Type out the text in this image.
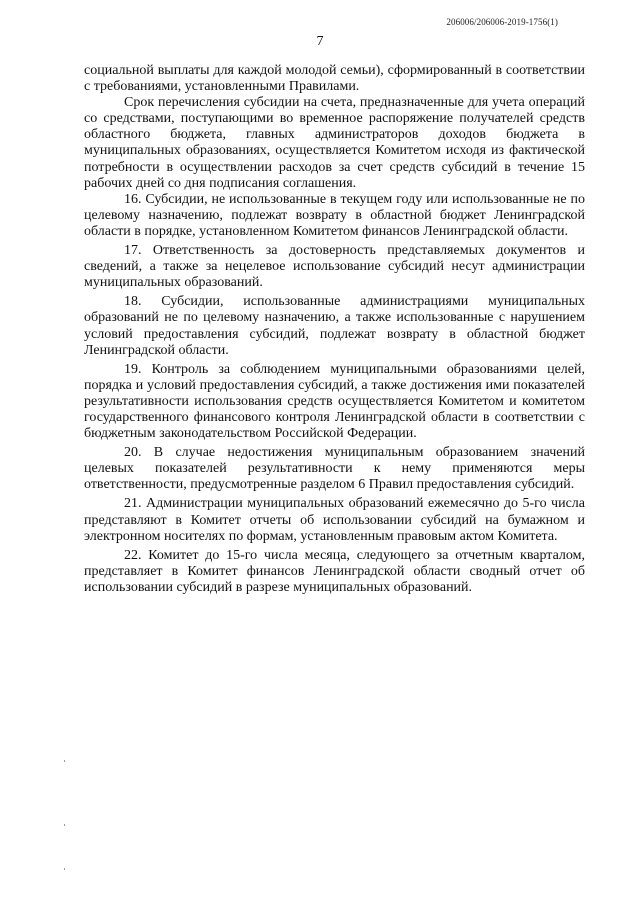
206006/206006-2019-1756(1)
7

социальной выплаты для каждой молодой семьи), сформированный в соответствии с требованиями, установленными Правилами.

Срок перечисления субсидии на счета, предназначенные для учета операций со средствами, поступающими во временное распоряжение получателей средств областного бюджета, главных администраторов доходов бюджета в муниципальных образованиях, осуществляется Комитетом исходя из фактической потребности в осуществлении расходов за счет средств субсидий в течение 15 рабочих дней со дня подписания соглашения.

16. Субсидии, не использованные в текущем году или использованные не по целевому назначению, подлежат возврату в областной бюджет Ленинградской области в порядке, установленном Комитетом финансов Ленинградской области.

17. Ответственность за достоверность представляемых документов и сведений, а также за нецелевое использование субсидий несут администрации муниципальных образований.

18. Субсидии, использованные администрациями муниципальных образований не по целевому назначению, а также использованные с нарушением условий предоставления субсидий, подлежат возврату в областной бюджет Ленинградской области.

19. Контроль за соблюдением муниципальными образованиями целей, порядка и условий предоставления субсидий, а также достижения ими показателей результативности использования средств осуществляется Комитетом и комитетом государственного финансового контроля Ленинградской области в соответствии с бюджетным законодательством Российской Федерации.

20. В случае недостижения муниципальным образованием значений целевых показателей результативности к нему применяются меры ответственности, предусмотренные разделом 6 Правил предоставления субсидий.

21. Администрации муниципальных образований ежемесячно до 5-го числа представляют в Комитет отчеты об использовании субсидий на бумажном и электронном носителях по формам, установленным правовым актом Комитета.

22. Комитет до 15-го числа месяца, следующего за отчетным кварталом, представляет в Комитет финансов Ленинградской области сводный отчет об использовании субсидий в разрезе муниципальных образований.
